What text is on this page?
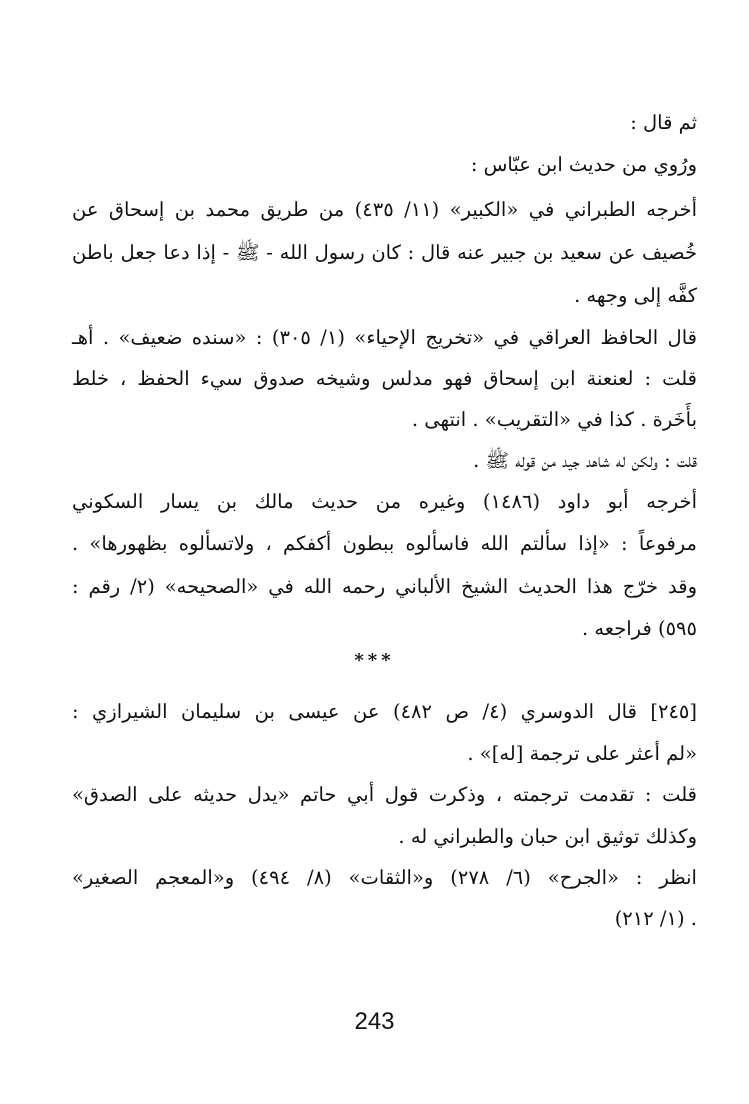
ثم قال :
ورُوي من حديث ابن عبّاس :
أخرجه الطبراني في «الكبير» (١١/ ٤٣٥) من طريق محمد بن إسحاق عن
خُصيف عن سعيد بن جبير عنه قال : كان رسول الله - ﷺ - إذا دعا جعل باطن
كفَّه إلى وجهه .
قال الحافظ العراقي في «تخريج الإحياء» (١/ ٣٠٥) : «سنده ضعيف» . أهـ
قلت : لعنعنة ابن إسحاق فهو مدلس وشيخه صدوق سيء الحفظ ، خلط
بأَخَرة . كذا في «التقريب» . انتهى .
قلت : ولكن له شاهد جيد من قوله ﷺ .
أخرجه أبو داود (١٤٨٦) وغيره من حديث مالك بن يسار السكوني
مرفوعاً : «إذا سألتم الله فاسألوه ببطون أكفكم ، ولاتسألوه بظهورها» .
وقد خرّج هذا الحديث الشيخ الألباني رحمه الله في «الصحيحه» (٢/ رقم :
٥٩٥) فراجعه .
***
[٢٤٥] قال الدوسري (٤/ ص ٤٨٢) عن عيسى بن سليمان الشيرازي :
«لم أعثر على ترجمة [له]» .
قلت : تقدمت ترجمته ، وذكرت قول أبي حاتم «يدل حديثه على الصدق»
وكذلك توثيق ابن حبان والطبراني له .
انظر : «الجرح» (٦/ ٢٧٨) و«الثقات» (٨/ ٤٩٤) و«المعجم الصغير»
(١/ ٢١٢) .
243
